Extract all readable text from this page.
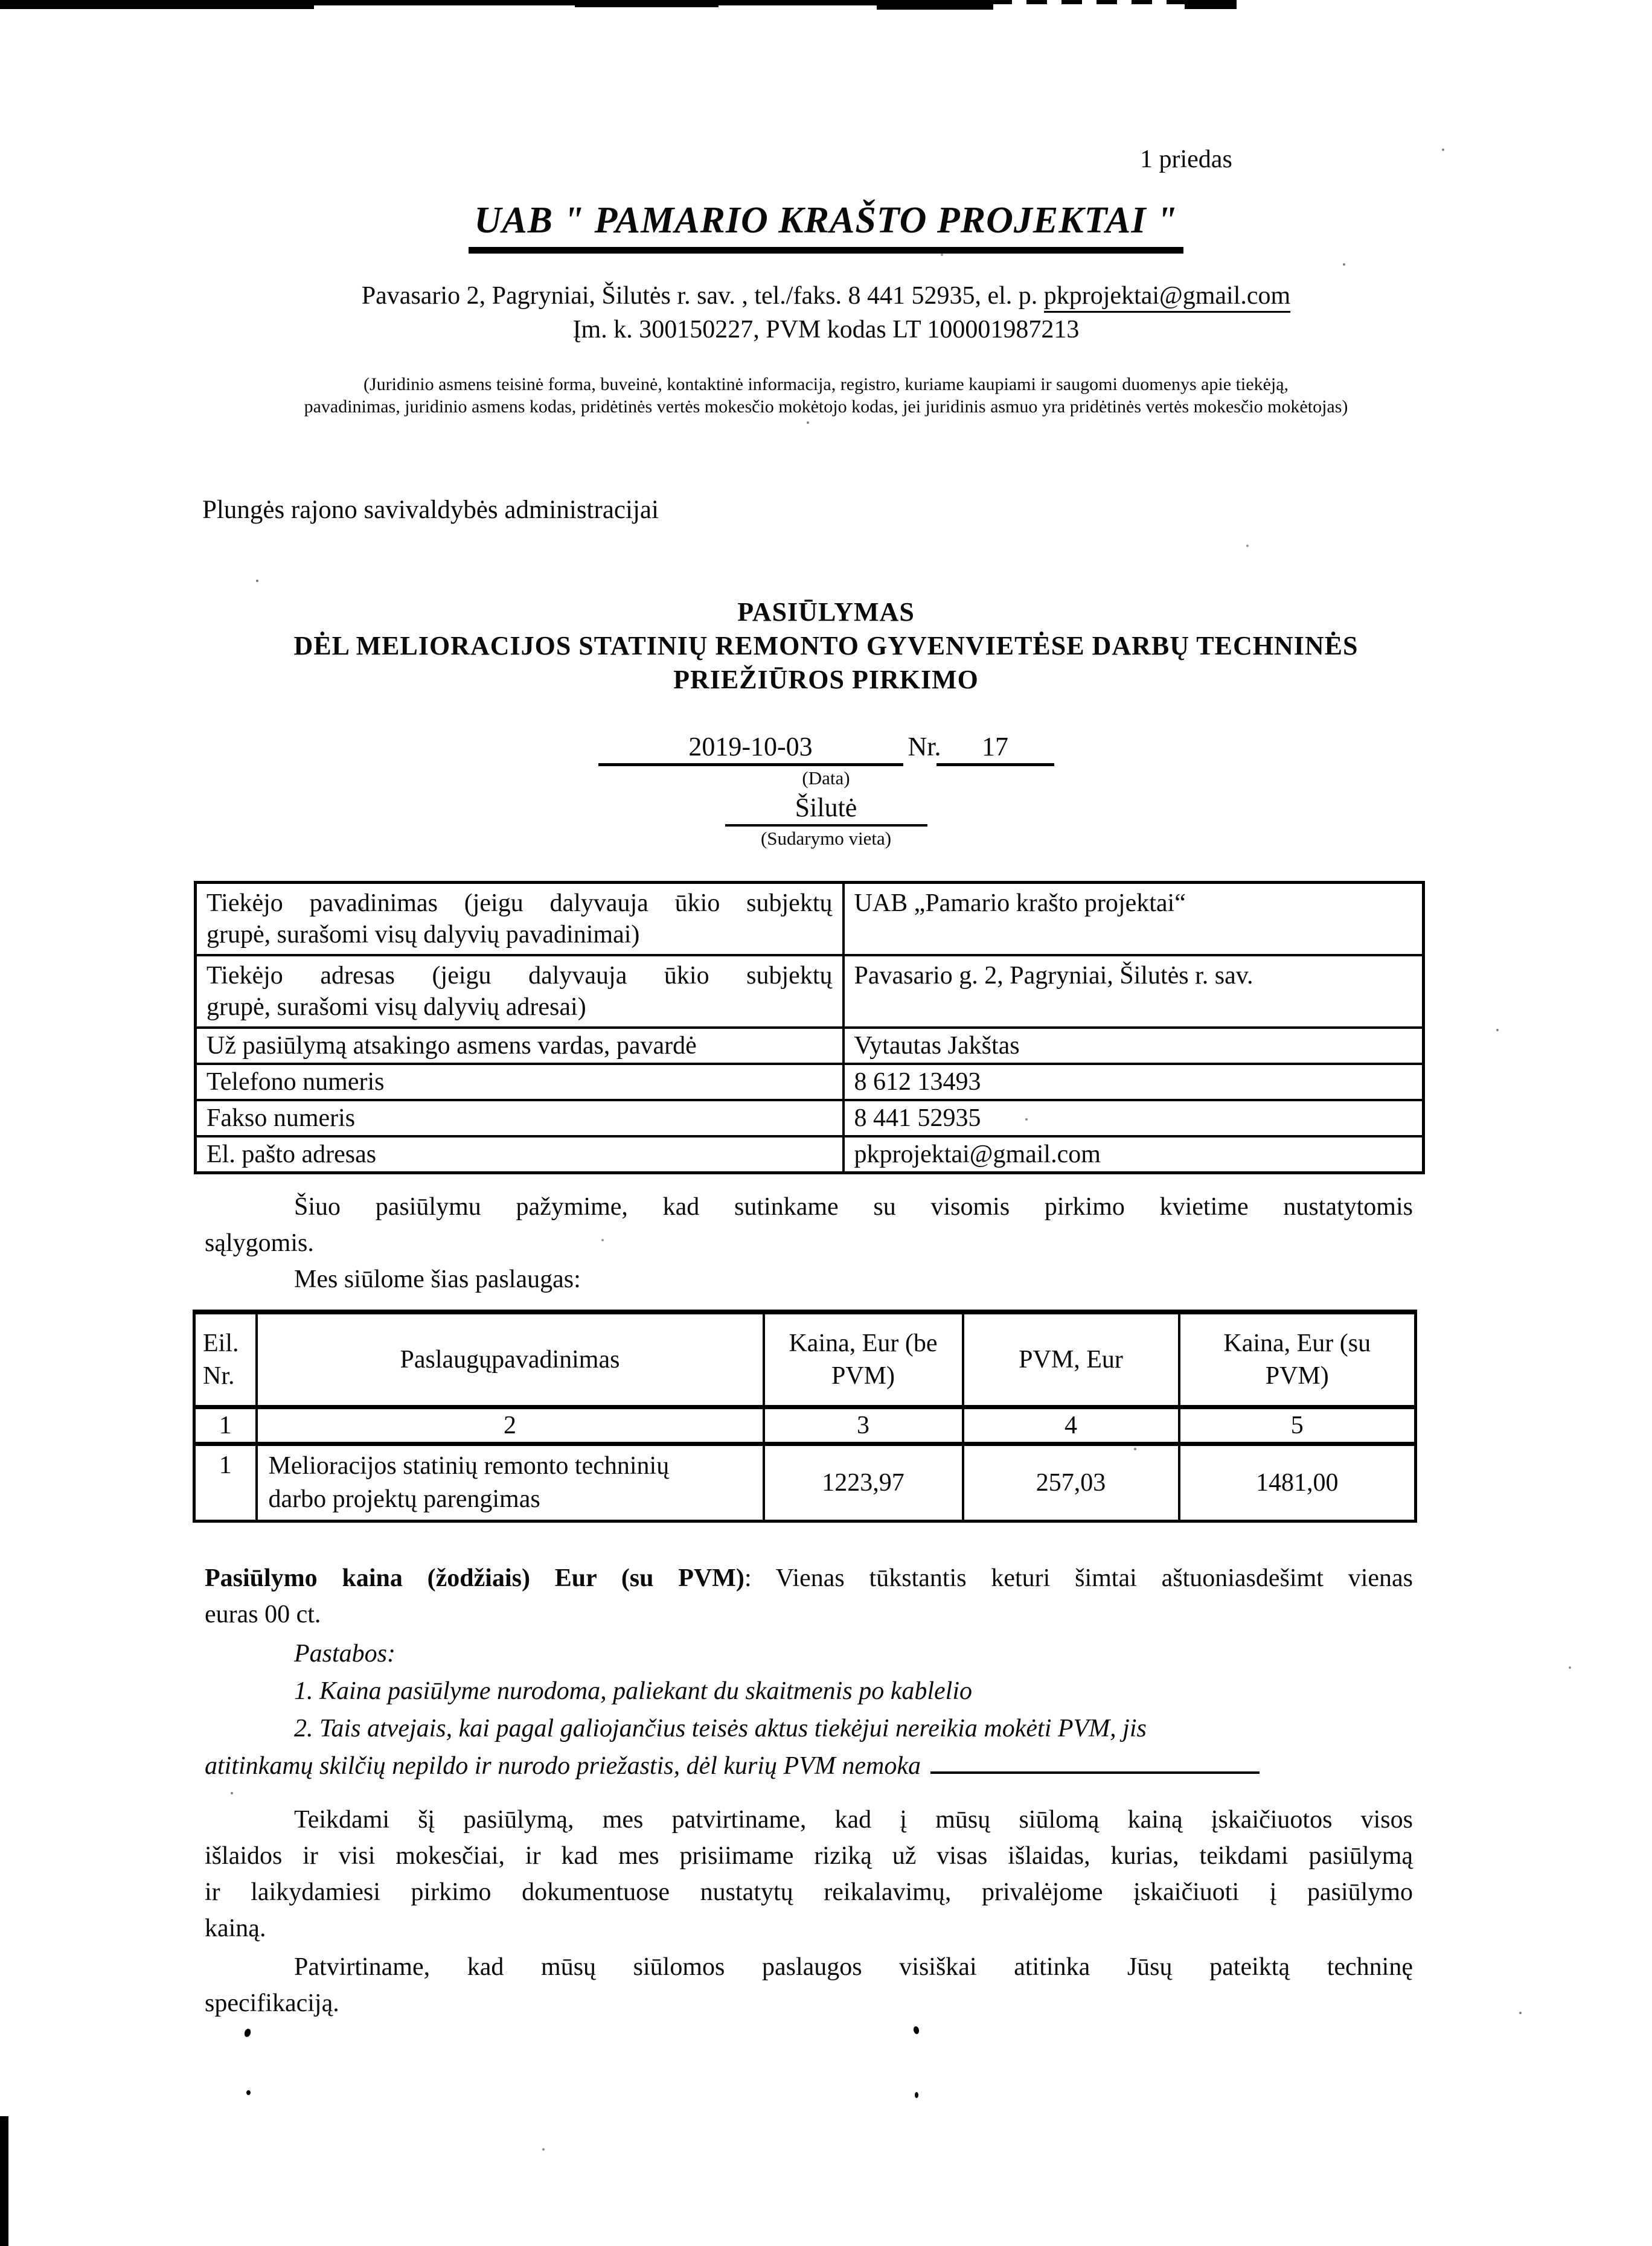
1 priedas
UAB " PAMARIO KRAŠTO PROJEKTAI "
Pavasario 2, Pagryniai, Šilutės r. sav. , tel./faks. 8 441 52935, el. p. pkprojektai@gmail.com
Įm. k. 300150227, PVM kodas LT 100001987213
(Juridinio asmens teisinė forma, buveinė, kontaktinė informacija, registro, kuriame kaupiami ir saugomi duomenys apie tiekėją,
pavadinimas, juridinio asmens kodas, pridėtinės vertės mokesčio mokėtojo kodas, jei juridinis asmuo yra pridėtinės vertės mokesčio mokėtojas)
Plungės rajono savivaldybės administracijai
PASIŪLYMAS
DĖL MELIORACIJOS STATINIŲ REMONTO GYVENVIETĖSE DARBŲ TECHNINĖS
PRIEŽIŪROS PIRKIMO
2019-10-03	Nr. 17
(Data)
Šilutė
(Sudarymo vieta)
Tiekėjo pavadinimas (jeigu dalyvauja ūkio subjektų
grupė, surašomi visų dalyvių pavadinimai)	UAB „Pamario krašto projektai“

Tiekėjo adresas (jeigu dalyvauja ūkio subjektų
grupė, surašomi visų dalyvių adresai)	Pavasario g. 2, Pagryniai, Šilutės r. sav.
Už pasiūlymą atsakingo asmens vardas, pavardė	Vytautas Jakštas
Telefono numeris	8 612 13493
Fakso numeris	8 441 52935
El. pašto adresas	pkprojektai@gmail.com
Šiuo pasiūlymu pažymime, kad sutinkame su visomis pirkimo kvietime nustatytomis
sąlygomis.
Mes siūlome šias paslaugas:
Eil. Nr.	Paslaugųpavadinimas	Kaina, Eur (be PVM)	PVM, Eur	Kaina, Eur (su PVM)
1	2	3	4	5
1	Melioracijos statinių remonto techninių
darbo projektų parengimas	1223,97	257,03	1481,00
Pasiūlymo kaina (žodžiais) Eur (su PVM): Vienas tūkstantis keturi šimtai aštuoniasdešimt vienas
euras 00 ct.
Pastabos:
1. Kaina pasiūlyme nurodoma, paliekant du skaitmenis po kablelio
2. Tais atvejais, kai pagal galiojančius teisės aktus tiekėjui nereikia mokėti PVM, jis
atitinkamų skilčių nepildo ir nurodo priežastis, dėl kurių PVM nemoka
Teikdami šį pasiūlymą, mes patvirtiname, kad į mūsų siūlomą kainą įskaičiuotos visos
išlaidos ir visi mokesčiai, ir kad mes prisiimame riziką už visas išlaidas, kurias, teikdami pasiūlymą
ir laikydamiesi pirkimo dokumentuose nustatytų reikalavimų, privalėjome įskaičiuoti į pasiūlymo
kainą.
Patvirtiname, kad mūsų siūlomos paslaugos visiškai atitinka Jūsų pateiktą techninę
specifikaciją.
